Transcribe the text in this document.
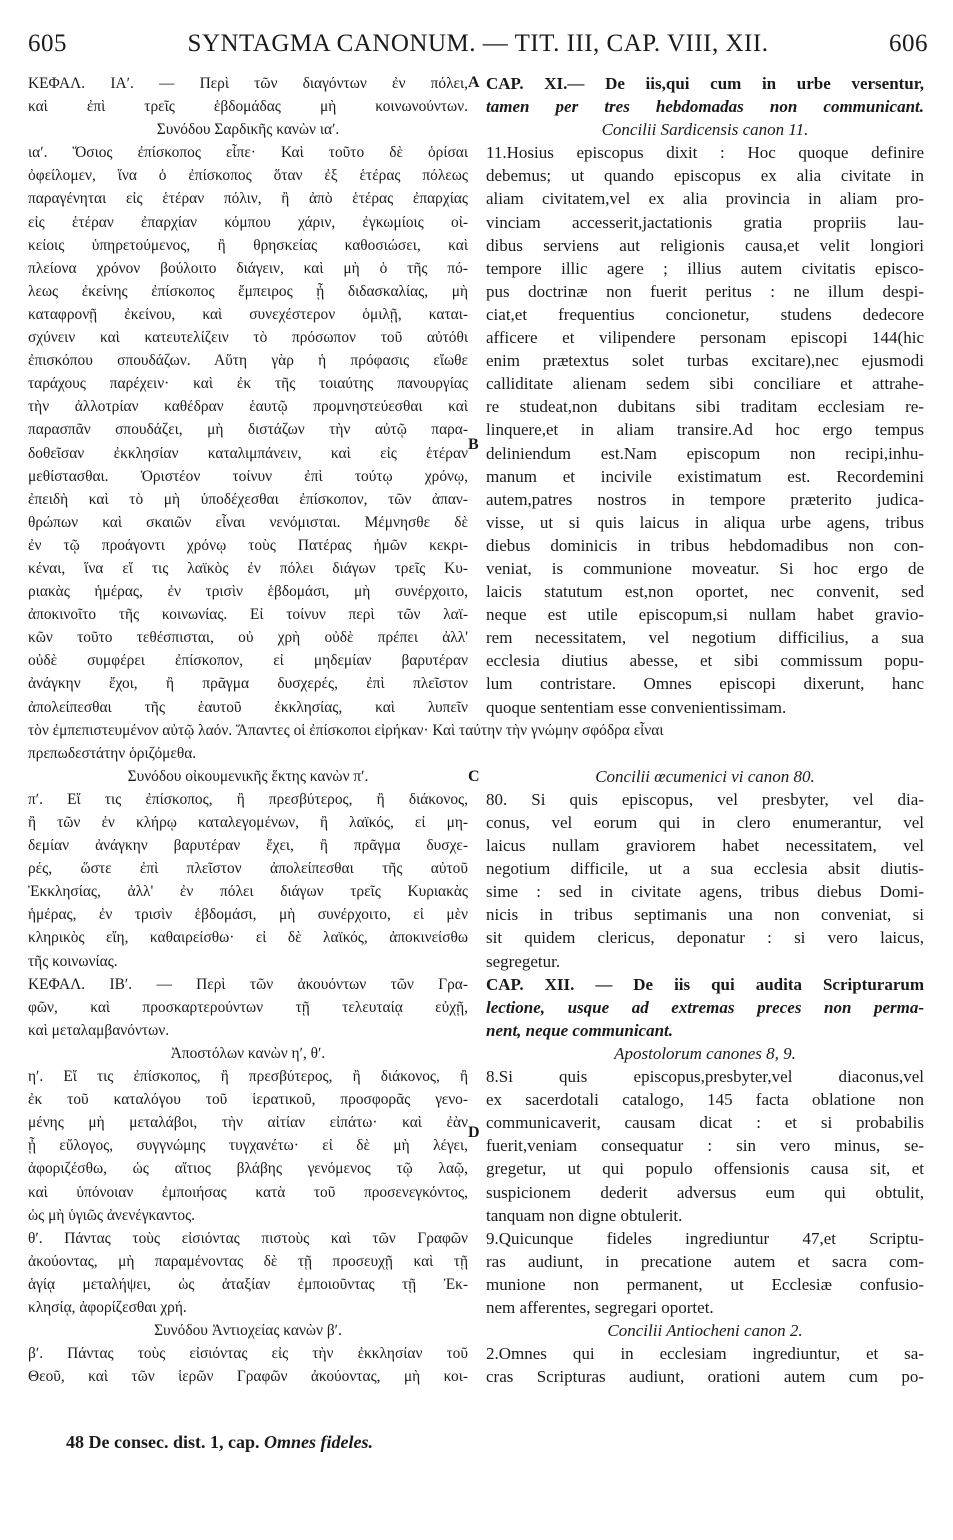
605	SYNTAGMA CANONUM. — TIT. III, CAP. VIII, XII.	606
ΚΕΦΑΛ. ΙΑʹ. — Περὶ τῶν διαγόντων ἐν πόλει,
καὶ ἐπὶ τρεῖς ἑβδομάδας μὴ κοινωνούντων.
Συνόδου Σαρδικῆς κανὼν ιαʹ.
ιαʹ. Ὅσιος ἐπίσκοπος εἶπε· Καὶ τοῦτο δὲ ὁρίσαι
ὀφείλομεν, ἵνα ὁ ἐπίσκοπος ὅταν ἐξ ἑτέρας πόλεως
παραγένηται εἰς ἑτέραν πόλιν, ἢ ἀπὸ ἑτέρας ἐπαρχίας
εἰς ἑτέραν ἐπαρχίαν κόμπου χάριν, ἐγκωμίοις οἰ-
κείοις ὑπηρετούμενος, ἢ θρησκείας καθοσιώσει, καὶ
πλείονα χρόνον βούλοιτο διάγειν, καὶ μὴ ὁ τῆς πό-
λεως ἐκείνης ἐπίσκοπος ἔμπειρος ᾖ διδασκαλίας, μὴ
καταφρονῇ ἐκείνου, καὶ συνεχέστερον ὁμιλῇ, καται-
σχύνειν καὶ κατευτελίζειν τὸ πρόσωπον τοῦ αὐτόθι
ἐπισκόπου σπουδάζων. Αὕτη γὰρ ἡ πρόφασις εἴωθε
ταράχους παρέχειν· καὶ ἐκ τῆς τοιαύτης πανουργίας
τὴν ἀλλοτρίαν καθέδραν ἑαυτῷ προμνηστεύεσθαι καὶ
παρασπᾶν σπουδάζει, μὴ διστάζων τὴν αὐτῷ παρα-
δοθεῖσαν ἐκκλησίαν καταλιμπάνειν, καὶ εἰς ἑτέραν
μεθίστασθαι. Ὁριστέον τοίνυν ἐπὶ τούτῳ χρόνῳ,
ἐπειδὴ καὶ τὸ μὴ ὑποδέχεσθαι ἐπίσκοπον, τῶν ἀπαν-
θρώπων καὶ σκαιῶν εἶναι νενόμισται. Μέμνησθε δὲ
ἐν τῷ προάγοντι χρόνῳ τοὺς Πατέρας ἡμῶν κεκρι-
κέναι, ἵνα εἴ τις λαϊκὸς ἐν πόλει διάγων τρεῖς Κυ-
ριακὰς ἡμέρας, ἐν τρισὶν ἑβδομάσι, μὴ συνέρχοιτο,
ἀποκινοῖτο τῆς κοινωνίας. Εἰ τοίνυν περὶ τῶν λαϊ-
κῶν τοῦτο τεθέσπισται, οὐ χρὴ οὐδὲ πρέπει ἀλλ'
οὐδὲ συμφέρει ἐπίσκοπον, εἰ μηδεμίαν βαρυτέραν
ἀνάγκην ἔχοι, ἢ πρᾶγμα δυσχερές, ἐπὶ πλεῖστον
ἀπολείπεσθαι τῆς ἑαυτοῦ ἐκκλησίας, καὶ λυπεῖν
τὸν ἐμπεπιστευμένον αὐτῷ λαόν. Ἅπαντες οἱ ἐπίσκοποι εἰρήκαν· Καὶ ταύτην τὴν γνώμην σφόδρα εἶναι
πρεπωδεστάτην ὁριζόμεθα.
Συνόδου οἰκουμενικῆς ἕκτης κανὼν πʹ.
πʹ. Εἴ τις ἐπίσκοπος, ἢ πρεσβύτερος, ἢ διάκονος,
ἢ τῶν ἐν κλήρῳ καταλεγομένων, ἢ λαϊκός, εἰ μη-
δεμίαν ἀνάγκην βαρυτέραν ἔχει, ἢ πρᾶγμα δυσχε-
ρές, ὥστε ἐπὶ πλεῖστον ἀπολείπεσθαι τῆς αὐτοῦ
Ἐκκλησίας, ἀλλ' ἐν πόλει διάγων τρεῖς Κυριακὰς
ἡμέρας, ἐν τρισὶν ἑβδομάσι, μὴ συνέρχοιτο, εἰ μὲν
κληρικὸς εἴη, καθαιρείσθω· εἰ δὲ λαϊκός, ἀποκινείσθω
τῆς κοινωνίας.
ΚΕΦΑΛ. ΙΒʹ. — Περὶ τῶν ἀκουόντων τῶν Γρα-
φῶν, καὶ προσκαρτερούντων τῇ τελευταίᾳ εὐχῇ,
καὶ μεταλαμβανόντων.
Ἀποστόλων κανὼν ηʹ, θʹ.
ηʹ. Εἴ τις ἐπίσκοπος, ἢ πρεσβύτερος, ἢ διάκονος, ἢ
ἐκ τοῦ καταλόγου τοῦ ἱερατικοῦ, προσφορᾶς γενο-
μένης μὴ μεταλάβοι, τὴν αἰτίαν εἰπάτω· καὶ ἐὰν
ᾖ εὔλογος, συγγνώμης τυγχανέτω· εἰ δὲ μὴ λέγει,
ἀφοριζέσθω, ὡς αἴτιος βλάβης γενόμενος τῷ λαῷ,
καὶ ὑπόνοιαν ἐμποιήσας κατὰ τοῦ προσενεγκόντος,
ὡς μὴ ὑγιῶς ἀνενέγκαντος.
θʹ. Πάντας τοὺς εἰσιόντας πιστοὺς καὶ τῶν Γραφῶν
ἀκούοντας, μὴ παραμένοντας δὲ τῇ προσευχῇ καὶ τῇ
ἁγίᾳ μεταλήψει, ὡς ἀταξίαν ἐμποιοῦντας τῇ Ἐκ-
κλησίᾳ, ἀφορίζεσθαι χρή.
Συνόδου Ἀντιοχείας κανὼν βʹ.
βʹ. Πάντας τοὺς εἰσιόντας εἰς τὴν ἐκκλησίαν τοῦ
Θεοῦ, καὶ τῶν ἱερῶν Γραφῶν ἀκούοντας, μὴ κοι-
CAP. XI.— De iis,qui cum in urbe versentur,
tamen per tres hebdomadas non communicant.
Concilii Sardicensis canon 11.
11.Hosius episcopus dixit : Hoc quoque definire
debemus; ut quando episcopus ex alia civitate in
aliam civitatem,vel ex alia provincia in aliam pro-
vinciam accesserit,jactationis gratia propriis lau-
dibus serviens aut religionis causa,et velit longiori
tempore illic agere ; illius autem civitatis episco-
pus doctrinæ non fuerit peritus : ne illum despi-
ciat,et frequentius concionetur, studens dedecore
afficere et vilipendere personam episcopi 144(hic
enim prætextus solet turbas excitare),nec ejusmodi
calliditate alienam sedem sibi conciliare et attrahe-
re studeat,non dubitans sibi traditam ecclesiam re-
linquere,et in aliam transire.Ad hoc ergo tempus
deliniendum est.Nam episcopum non recipi,inhu-
manum et incivile existimatum est. Recordemini
autem,patres nostros in tempore præterito judica-
visse, ut si quis laicus in aliqua urbe agens, tribus
diebus dominicis in tribus hebdomadibus non con-
veniat, is communione moveatur. Si hoc ergo de
laicis statutum est,non oportet, nec convenit, sed
neque est utile episcopum,si nullam habet gravio-
rem necessitatem, vel negotium difficilius, a sua
ecclesia diutius abesse, et sibi commissum popu-
lum contristare. Omnes episcopi dixerunt, hanc
quoque sententiam esse convenientissimam.
Concilii œcumenici vi canon 80.
80. Si quis episcopus, vel presbyter, vel dia-
conus, vel eorum qui in clero enumerantur, vel
laicus nullam graviorem habet necessitatem, vel
negotium difficile, ut a sua ecclesia absit diutis-
sime : sed in civitate agens, tribus diebus Domi-
nicis in tribus septimanis una non conveniat, si
sit quidem clericus, deponatur : si vero laicus,
segregetur.
CAP. XII. — De iis qui audita Scripturarum
lectione, usque ad extremas preces non perma-
nent, neque communicant.
Apostolorum canones 8, 9.
8.Si quis episcopus,presbyter,vel diaconus,vel
ex sacerdotali catalogo, 145 facta oblatione non
communicaverit, causam dicat : et si probabilis
fuerit,veniam consequatur : sin vero minus, se-
gregetur, ut qui populo offensionis causa sit, et
suspicionem dederit adversus eum qui obtulit,
tanquam non digne obtulerit.
9.Quicunque fideles ingrediuntur 47,et Scriptu-
ras audiunt, in precatione autem et sacra com-
munione non permanent, ut Ecclesiæ confusio-
nem afferentes, segregari oportet.
Concilii Antiocheni canon 2.
2.Omnes qui in ecclesiam ingrediuntur, et sa-
cras Scripturas audiunt, orationi autem cum po-
A
B
C
D
48 De consec. dist. 1, cap. Omnes fideles.
